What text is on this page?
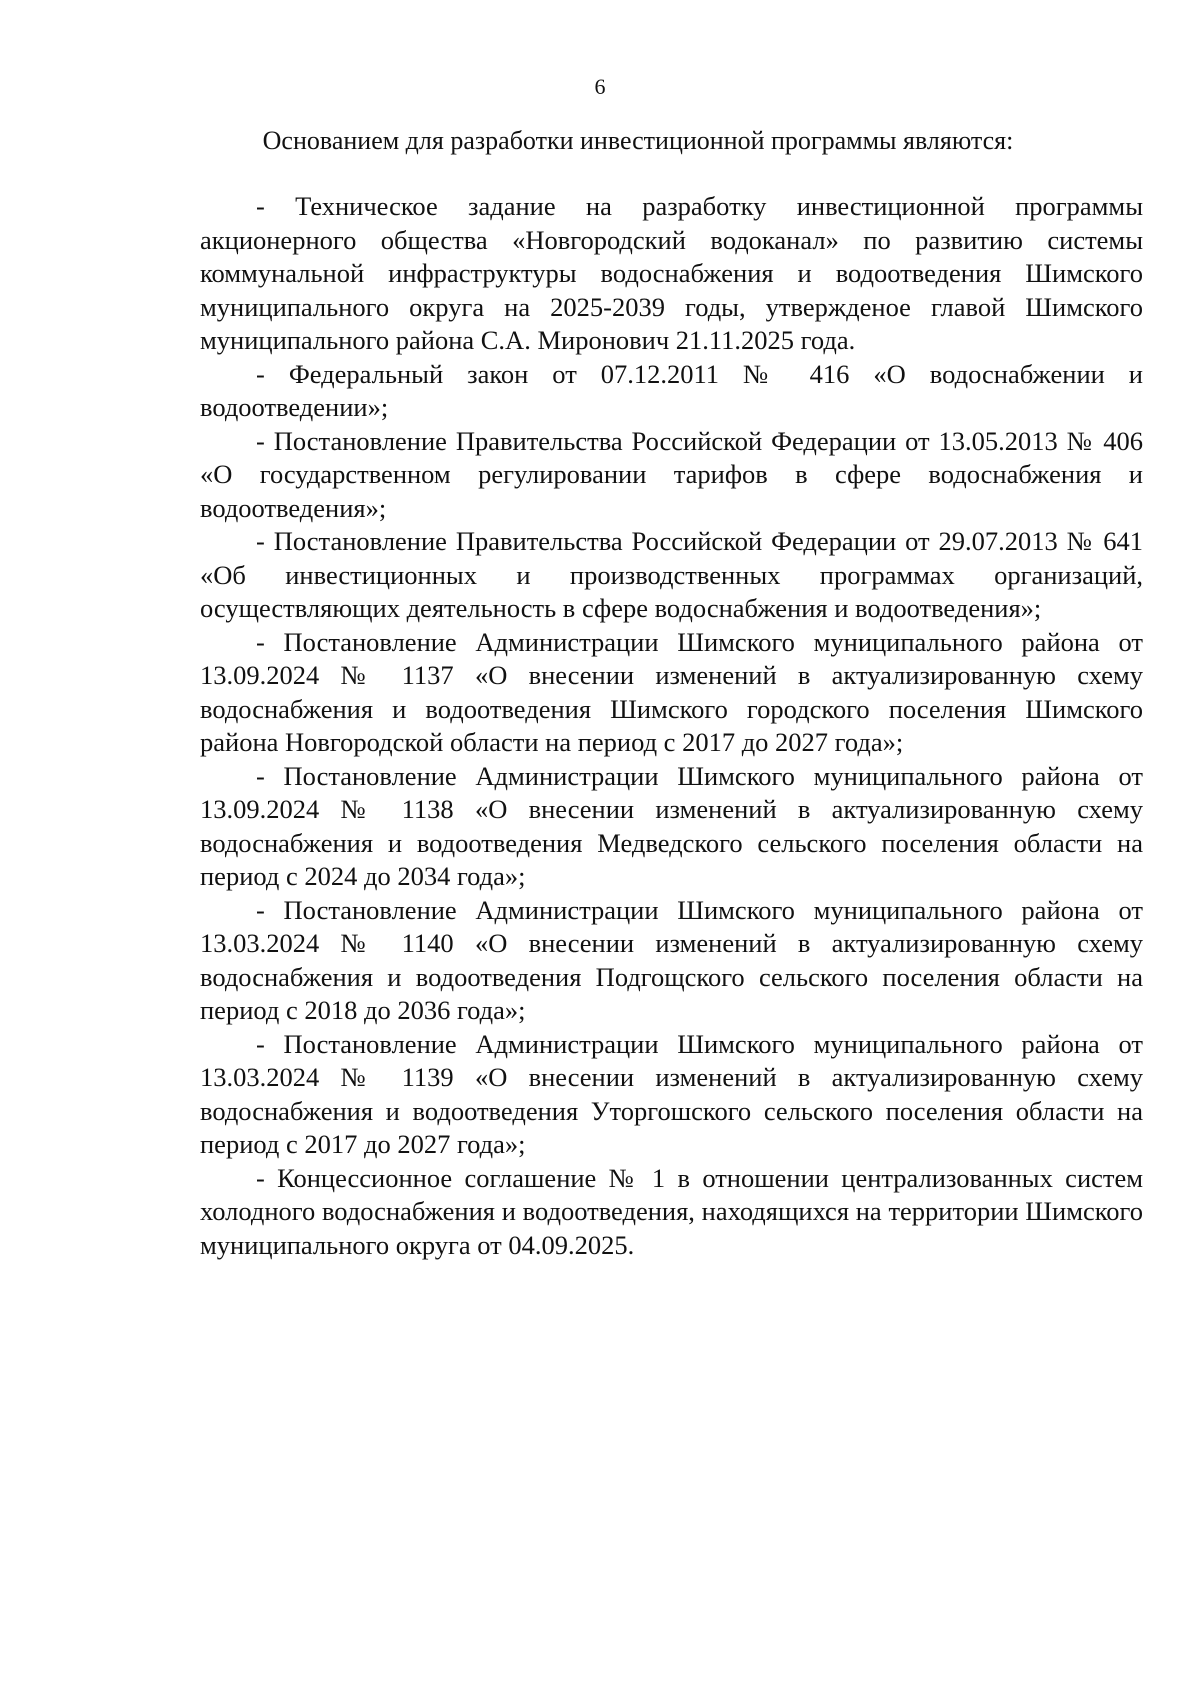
6
Основанием для разработки инвестиционной программы являются:

- Техническое задание на разработку инвестиционной программы акционерного общества «Новгородский водоканал» по развитию системы коммунальной инфраструктуры водоснабжения и водоотведения Шимского муниципального округа на 2025-2039 годы, утвержденое главой Шимского муниципального района С.А. Миронович 21.11.2025 года.

- Федеральный закон от 07.12.2011 № 416 «О водоснабжении и водоотведении»;

- Постановление Правительства Российской Федерации от 13.05.2013 № 406 «О государственном регулировании тарифов в сфере водоснабжения и водоотведения»;

- Постановление Правительства Российской Федерации от 29.07.2013 № 641 «Об инвестиционных и производственных программах организаций, осуществляющих деятельность в сфере водоснабжения и водоотведения»;

- Постановление Администрации Шимского муниципального района от 13.09.2024 № 1137 «О внесении изменений в актуализированную схему водоснабжения и водоотведения Шимского городского поселения Шимского района Новгородской области на период с 2017 до 2027 года»;

- Постановление Администрации Шимского муниципального района от 13.09.2024 № 1138 «О внесении изменений в актуализированную схему водоснабжения и водоотведения Медведского сельского поселения области на период с 2024 до 2034 года»;

- Постановление Администрации Шимского муниципального района от 13.03.2024 № 1140 «О внесении изменений в актуализированную схему водоснабжения и водоотведения Подгощского сельского поселения области на период с 2018 до 2036 года»;

- Постановление Администрации Шимского муниципального района от 13.03.2024 № 1139 «О внесении изменений в актуализированную схему водоснабжения и водоотведения Уторгошского сельского поселения области на период с 2017 до 2027 года»;

- Концессионное соглашение № 1 в отношении централизованных систем холодного водоснабжения и водоотведения, находящихся на территории Шимского муниципального округа от 04.09.2025.
